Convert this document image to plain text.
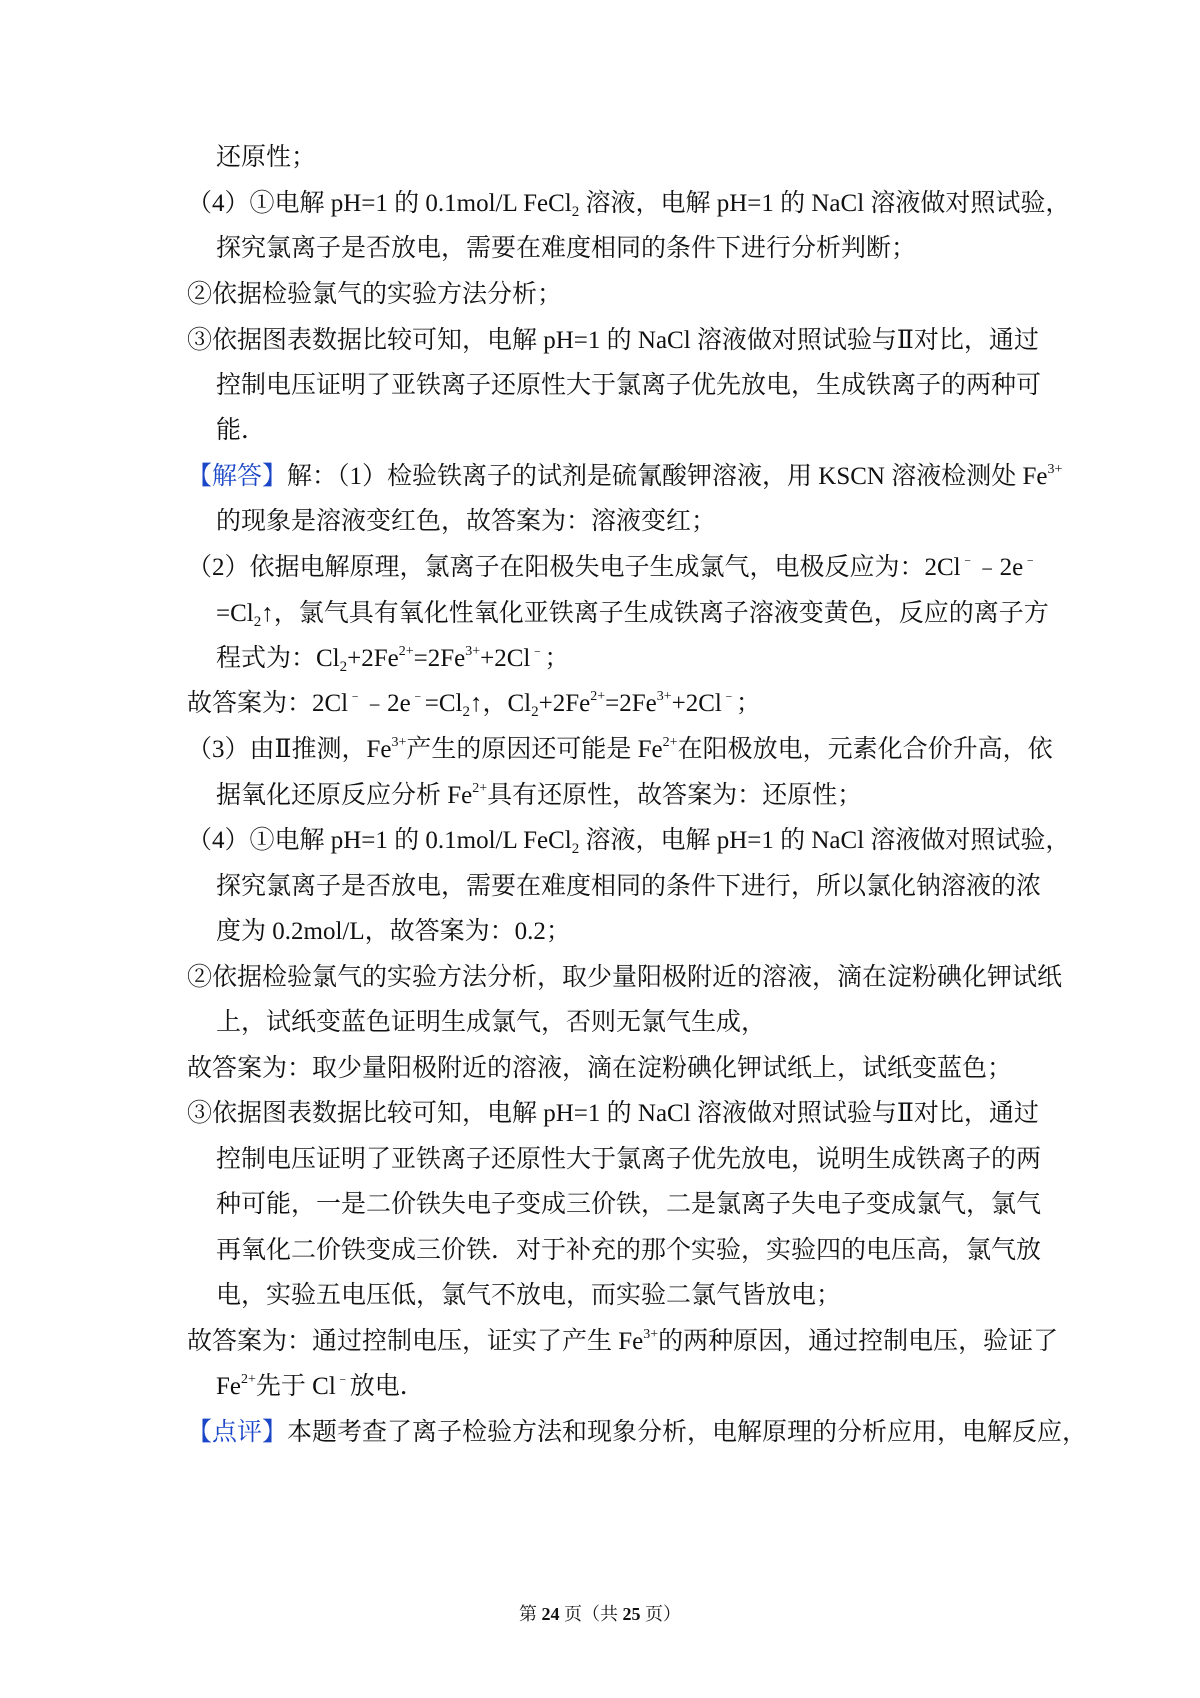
还原性；
（4）①电解 pH=1 的 0.1mol/L FeCl$_2$ 溶液，电解 pH=1 的 NaCl 溶液做对照试验，
探究氯离子是否放电，需要在难度相同的条件下进行分析判断；
②依据检验氯气的实验方法分析；
③依据图表数据比较可知，电解 pH=1 的 NaCl 溶液做对照试验与Ⅱ对比，通过
控制电压证明了亚铁离子还原性大于氯离子优先放电，生成铁离子的两种可
能．
【解答】解：（1）检验铁离子的试剂是硫氰酸钾溶液，用 KSCN 溶液检测处 $Fe^{3+}$
的现象是溶液变红色，故答案为：溶液变红；
（2）依据电解原理，氯离子在阳极失电子生成氯气，电极反应为：2Cl﹣﹣2e﹣
$=Cl_2↑$，氯气具有氧化性氧化亚铁离子生成铁离子溶液变黄色，反应的离子方
程式为：$Cl_2+2Fe^{2+}=2Fe^{3+}+2Cl^﹣$；
故答案为：$2Cl^﹣﹣2e^﹣=Cl_2↑$，$Cl_2+2Fe^{2+}=2Fe^{3+}+2Cl^﹣$；
（3）由Ⅱ推测，$Fe^{3+}$产生的原因还可能是 $Fe^{2+}$在阳极放电，元素化合价升高，依
据氧化还原反应分析 $Fe^{2+}$具有还原性，故答案为：还原性；
（4）①电解 pH=1 的 0.1mol/L FeCl$_2$ 溶液，电解 pH=1 的 NaCl 溶液做对照试验，
探究氯离子是否放电，需要在难度相同的条件下进行，所以氯化钠溶液的浓
度为 0.2mol/L，故答案为：0.2；
②依据检验氯气的实验方法分析，取少量阳极附近的溶液，滴在淀粉碘化钾试纸
上，试纸变蓝色证明生成氯气，否则无氯气生成，
故答案为：取少量阳极附近的溶液，滴在淀粉碘化钾试纸上，试纸变蓝色；
③依据图表数据比较可知，电解 pH=1 的 NaCl 溶液做对照试验与Ⅱ对比，通过
控制电压证明了亚铁离子还原性大于氯离子优先放电，说明生成铁离子的两
种可能，一是二价铁失电子变成三价铁，二是氯离子失电子变成氯气，氯气
再氧化二价铁变成三价铁．对于补充的那个实验，实验四的电压高，氯气放
电，实验五电压低，氯气不放电，而实验二氯气皆放电；
故答案为：通过控制电压，证实了产生 $Fe^{3+}$的两种原因，通过控制电压，验证了
$Fe^{2+}$先于 Cl﹣放电．
【点评】本题考查了离子检验方法和现象分析，电解原理的分析应用，电解反应，
第 24 页（共 25 页）
